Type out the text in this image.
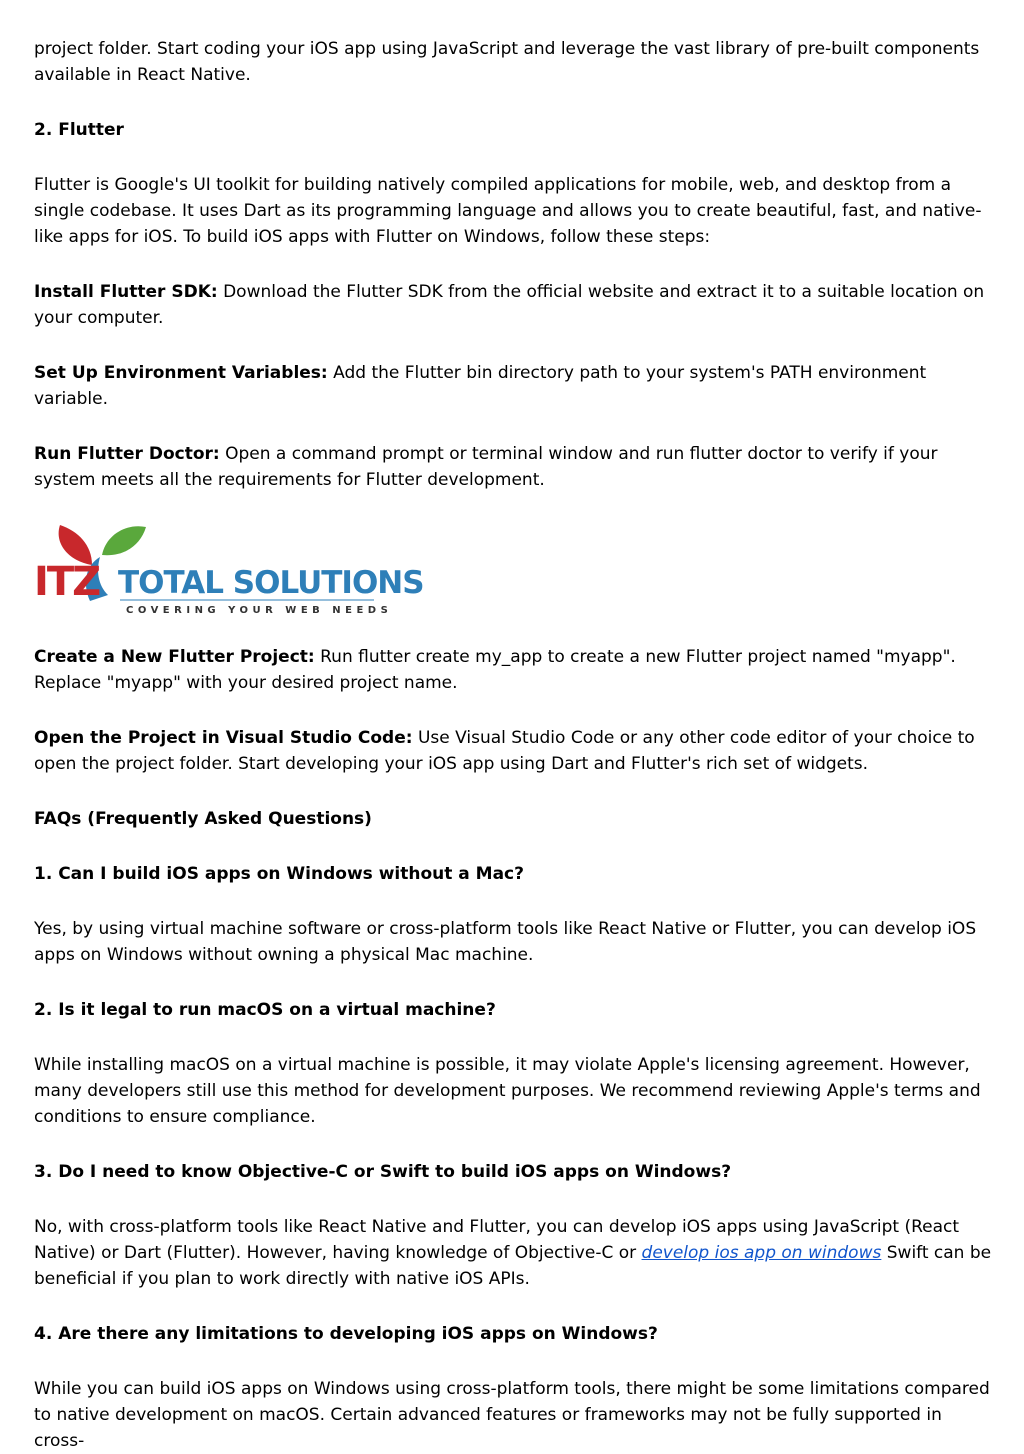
project folder. Start coding your iOS app using JavaScript and leverage the vast library of pre-built components available in React Native.

2. Flutter

Flutter is Google's UI toolkit for building natively compiled applications for mobile, web, and desktop from a single codebase. It uses Dart as its programming language and allows you to create beautiful, fast, and native-like apps for iOS. To build iOS apps with Flutter on Windows, follow these steps:

Install Flutter SDK: Download the Flutter SDK from the official website and extract it to a suitable location on your computer.

Set Up Environment Variables: Add the Flutter bin directory path to your system's PATH environment variable.

Run Flutter Doctor: Open a command prompt or terminal window and run flutter doctor to verify if your system meets all the requirements for Flutter development.

ITZ TOTAL SOLUTIONS
COVERING YOUR WEB NEEDS

Create a New Flutter Project: Run flutter create my_app to create a new Flutter project named "myapp". Replace "myapp" with your desired project name.

Open the Project in Visual Studio Code: Use Visual Studio Code or any other code editor of your choice to open the project folder. Start developing your iOS app using Dart and Flutter's rich set of widgets.

FAQs (Frequently Asked Questions)

1. Can I build iOS apps on Windows without a Mac?

Yes, by using virtual machine software or cross-platform tools like React Native or Flutter, you can develop iOS apps on Windows without owning a physical Mac machine.

2. Is it legal to run macOS on a virtual machine?

While installing macOS on a virtual machine is possible, it may violate Apple's licensing agreement. However, many developers still use this method for development purposes. We recommend reviewing Apple's terms and conditions to ensure compliance.

3. Do I need to know Objective-C or Swift to build iOS apps on Windows?

No, with cross-platform tools like React Native and Flutter, you can develop iOS apps using JavaScript (React Native) or Dart (Flutter). However, having knowledge of Objective-C or develop ios app on windows Swift can be beneficial if you plan to work directly with native iOS APIs.

4. Are there any limitations to developing iOS apps on Windows?

While you can build iOS apps on Windows using cross-platform tools, there might be some limitations compared to native development on macOS. Certain advanced features or frameworks may not be fully supported in cross-
